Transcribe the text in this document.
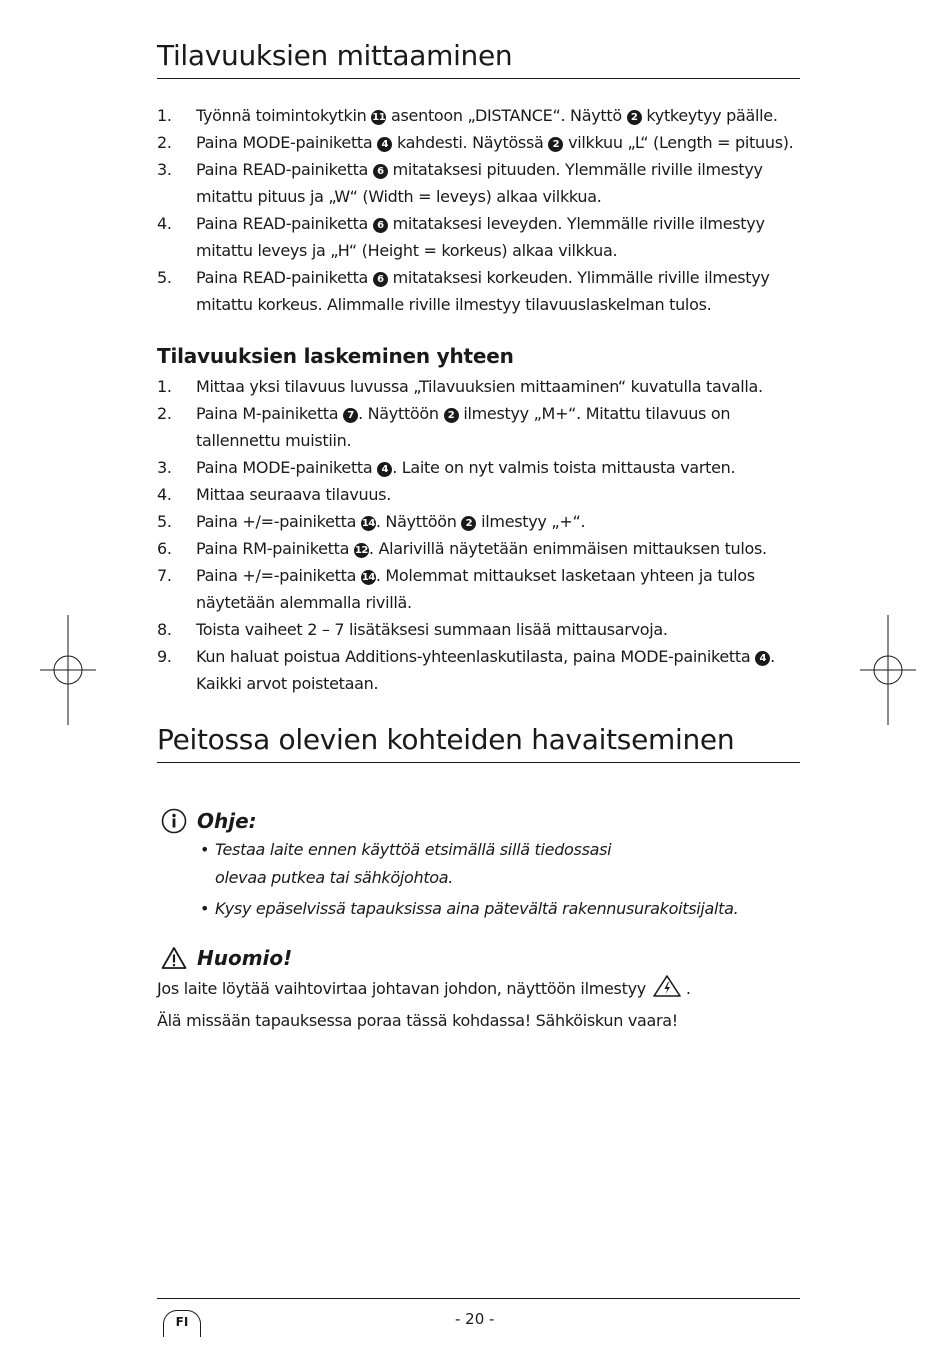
Tilavuuksien mittaaminen
1. Työnnä toimintokytkin 11 asentoon „DISTANCE“. Näyttö 2 kytkeytyy päälle.
2. Paina MODE-painiketta 4 kahdesti. Näytössä 2 vilkkuu „L“ (Length = pituus).
3. Paina READ-painiketta 6 mitataksesi pituuden. Ylemmälle riville ilmestyy mitattu pituus ja „W“ (Width = leveys) alkaa vilkkua.
4. Paina READ-painiketta 6 mitataksesi leveyden. Ylemmälle riville ilmestyy mitattu leveys ja „H“ (Height = korkeus) alkaa vilkkua.
5. Paina READ-painiketta 6 mitataksesi korkeuden. Ylimmälle riville ilmestyy mitattu korkeus. Alimmalle riville ilmestyy tilavuuslaskelman tulos.
Tilavuuksien laskeminen yhteen
1. Mittaa yksi tilavuus luvussa „Tilavuuksien mittaaminen“ kuvatulla tavalla.
2. Paina M-painiketta 7 . Näyttöön 2 ilmestyy „M+“. Mitattu tilavuus on tallennettu muistiin.
3. Paina MODE-painiketta 4 . Laite on nyt valmis toista mittausta varten.
4. Mittaa seuraava tilavuus.
5. Paina +/=-painiketta 14. Näyttöön 2 ilmestyy „+“.
6. Paina RM-painiketta 12. Alarivillä näytetään enimmäisen mittauksen tulos.
7. Paina +/=-painiketta 14. Molemmat mittaukset lasketaan yhteen ja tulos näytetään alemmalla rivillä.
8. Toista vaiheet 2 – 7 lisätäksesi summaan lisää mittausarvoja.
9. Kun haluat poistua Additions-yhteenlaskutilasta, paina MODE-painiketta 4 . Kaikki arvot poistetaan.
Peitossa olevien kohteiden havaitseminen
Ohje:
• Testaa laite ennen käyttöä etsimällä sillä tiedossasi olevaa putkea tai sähköjohtoa.
• Kysy epäselvissä tapauksissa aina pätevältä rakennusurakoitsijalta.
Huomio!
Jos laite löytää vaihtovirtaa johtavan johdon, näyttöön ilmestyy	.
Älä missään tapauksessa poraa tässä kohdassa! Sähköiskun vaara!
FI	- 20 -
